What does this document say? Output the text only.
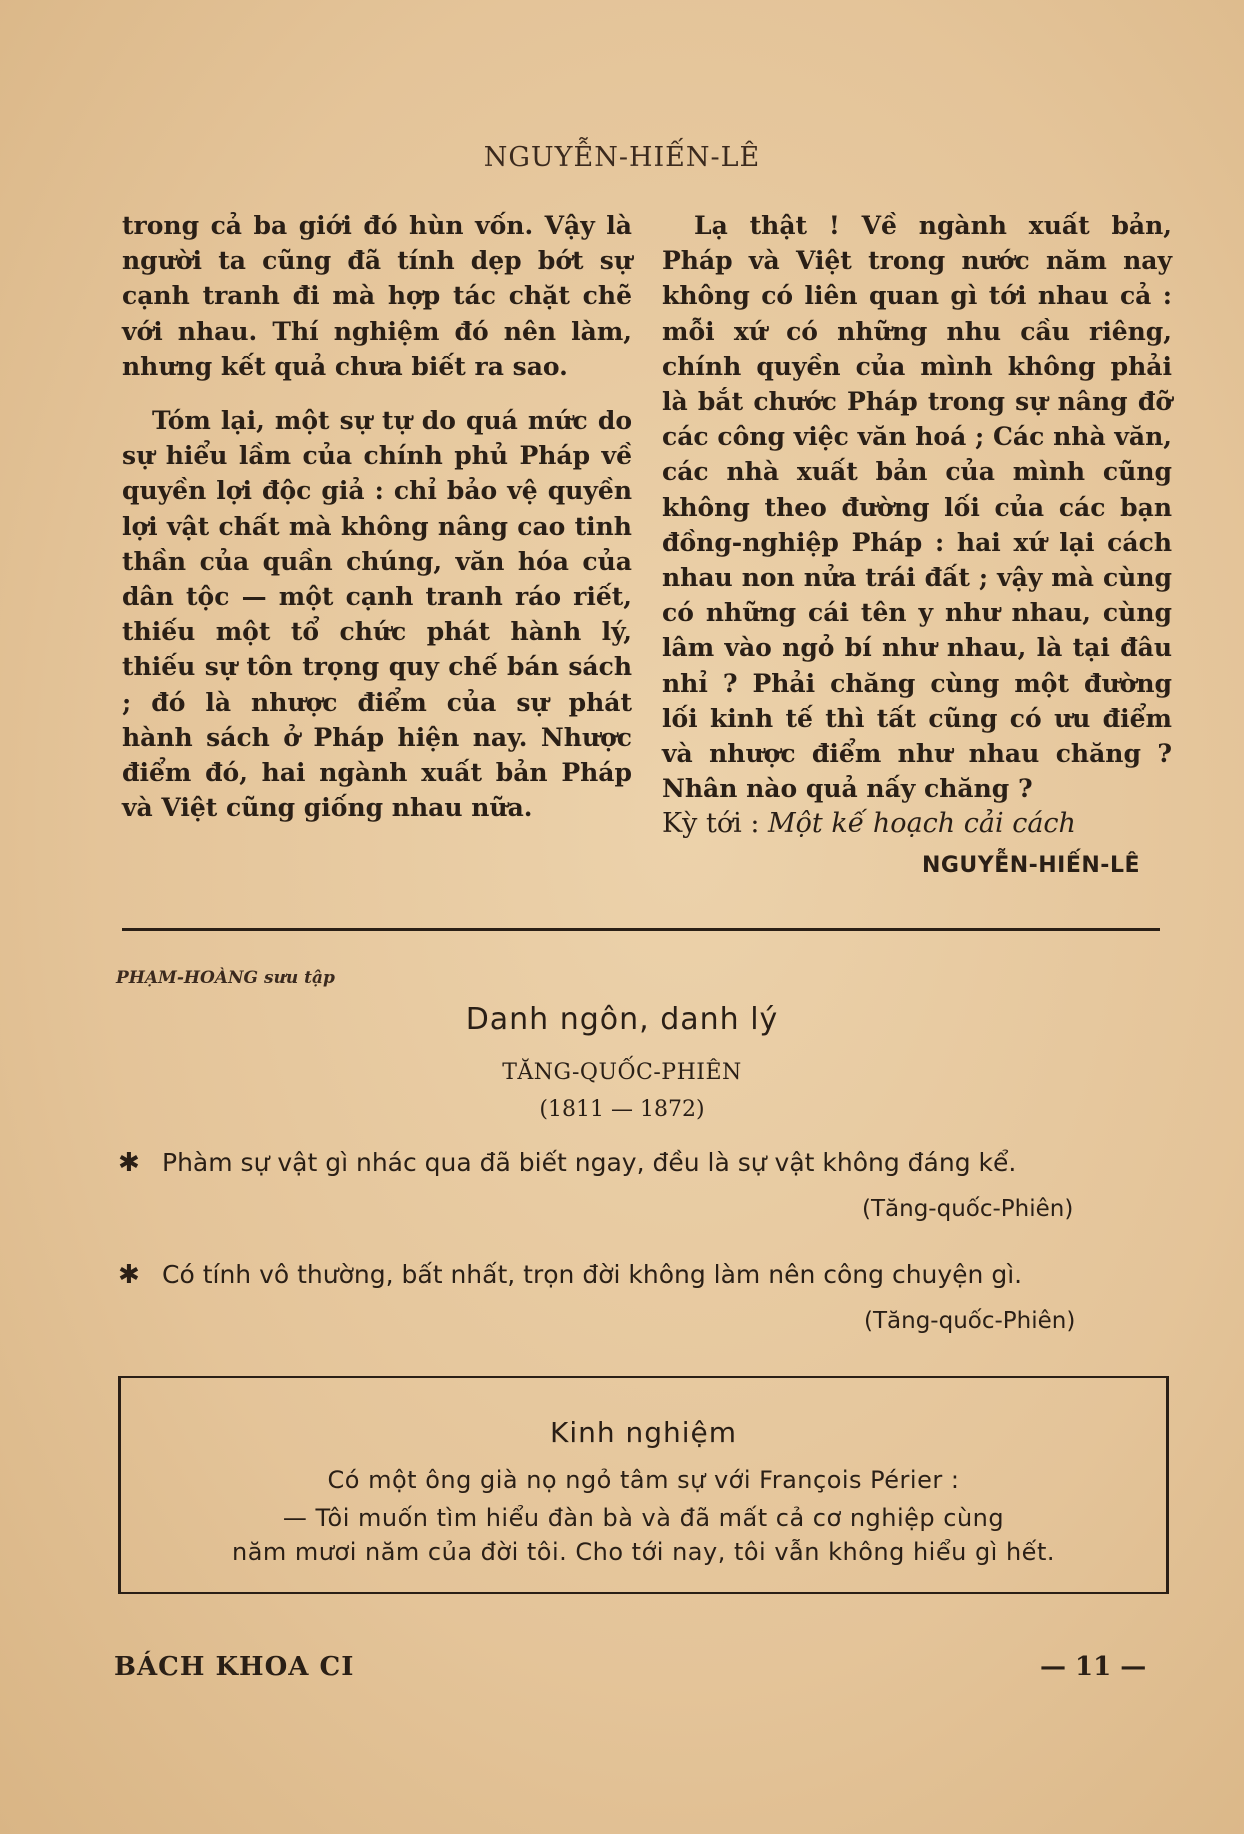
NGUYỄN-HIẾN-LÊ

trong cả ba giới đó hùn vốn. Vậy là người ta cũng đã tính dẹp bớt sự cạnh tranh đi mà hợp tác chặt chẽ với nhau. Thí nghiệm đó nên làm, nhưng kết quả chưa biết ra sao.

Tóm lại, một sự tự do quá mức do sự hiểu lầm của chính phủ Pháp về quyền lợi độc giả : chỉ bảo vệ quyền lợi vật chất mà không nâng cao tinh thần của quần chúng, văn hóa của dân tộc — một cạnh tranh ráo riết, thiếu một tổ chức phát hành lý, thiếu sự tôn trọng quy chế bán sách ; đó là nhược điểm của sự phát hành sách ở Pháp hiện nay. Nhược điểm đó, hai ngành xuất bản Pháp và Việt cũng giống nhau nữa.

Lạ thật ! Về ngành xuất bản, Pháp và Việt trong nước năm nay không có liên quan gì tới nhau cả : mỗi xứ có những nhu cầu riêng, chính quyền của mình không phải là bắt chước Pháp trong sự nâng đỡ các công việc văn hoá ; Các nhà văn, các nhà xuất bản của mình cũng không theo đường lối của các bạn đồng-nghiệp Pháp : hai xứ lại cách nhau non nửa trái đất ; vậy mà cùng có những cái tên y như nhau, cùng lâm vào ngỏ bí như nhau, là tại đâu nhỉ ? Phải chăng cùng một đường lối kinh tế thì tất cũng có ưu điểm và nhược điểm như nhau chăng ? Nhân nào quả nấy chăng ?

Kỳ tới : Một kế hoạch cải cách

NGUYỄN-HIẾN-LÊ
PHẠM-HOÀNG sưu tập
Danh ngôn, danh lý
TĂNG-QUỐC-PHIÊN
(1811 — 1872)
✱ Phàm sự vật gì nhác qua đã biết ngay, đều là sự vật không đáng kể.
(Tăng-quốc-Phiên)
✱ Có tính vô thường, bất nhất, trọn đời không làm nên công chuyện gì.
(Tăng-quốc-Phiên)
Kinh nghiệm
Có một ông già nọ ngỏ tâm sự với François Périer :
— Tôi muốn tìm hiểu đàn bà và đã mất cả cơ nghiệp cùng
năm mươi năm của đời tôi. Cho tới nay, tôi vẫn không hiểu gì hết.
BÁCH KHOA CI	— 11 —
